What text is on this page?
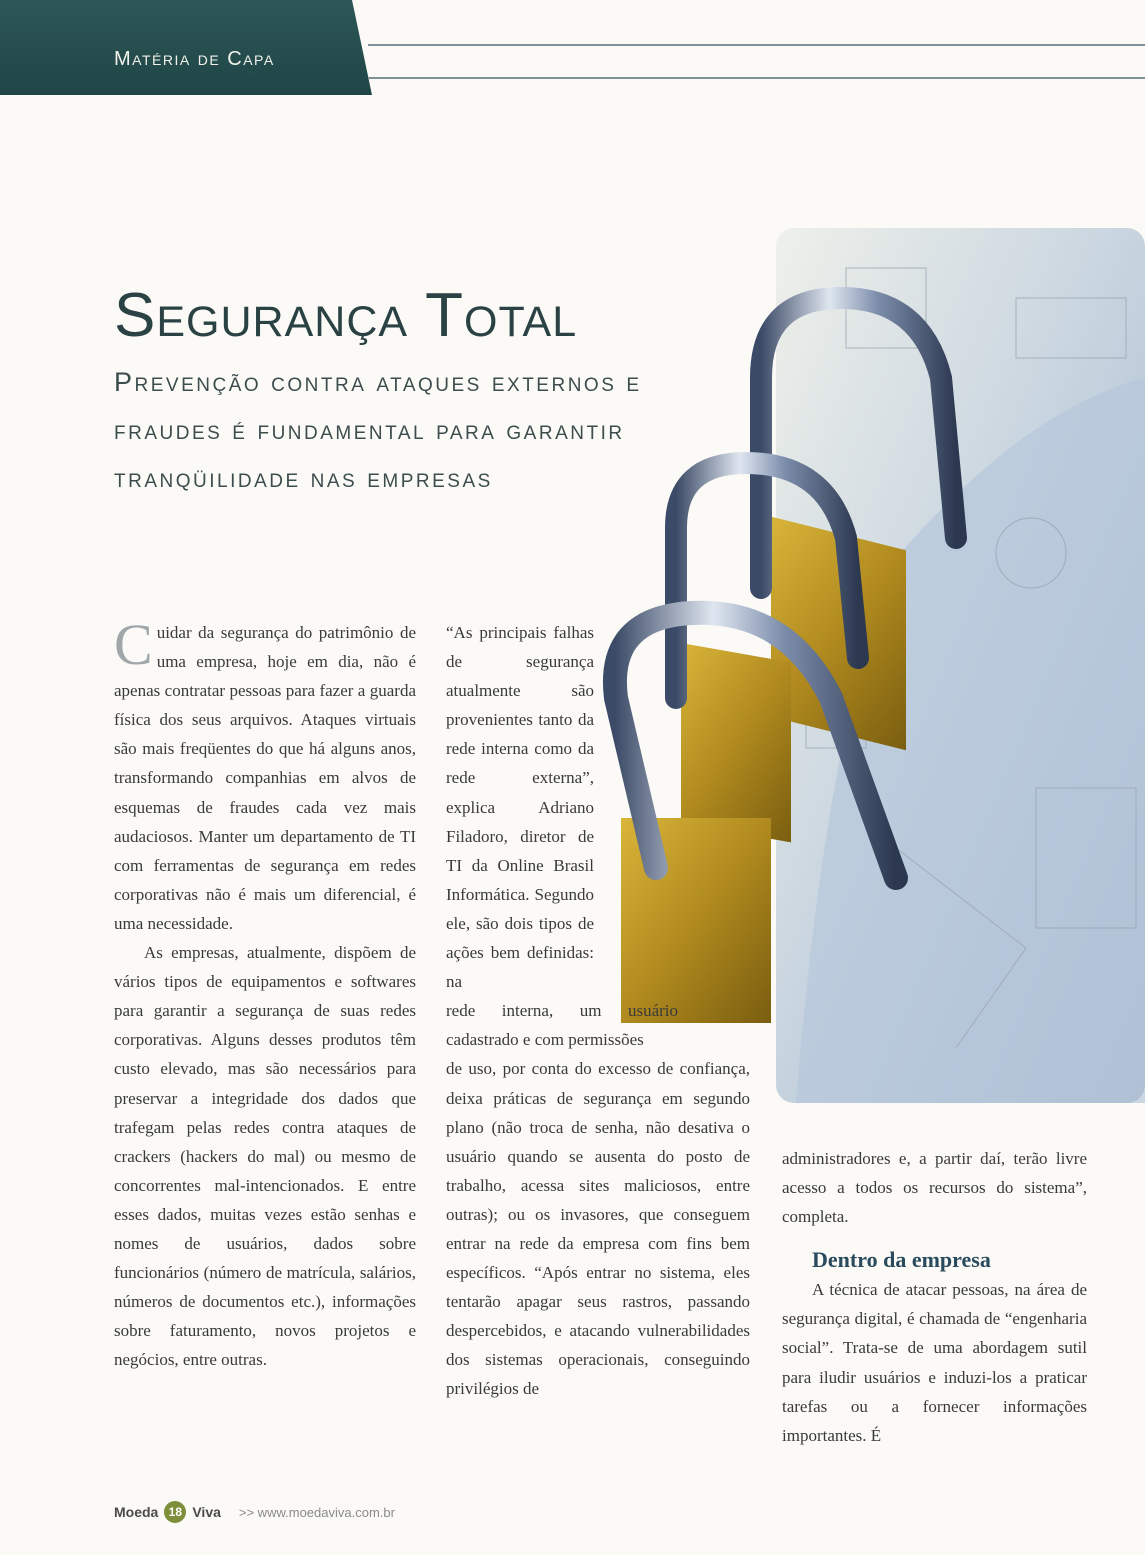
Matéria de Capa
Segurança Total
Prevenção contra ataques externos e fraudes é fundamental para garantir tranqüilidade nas empresas

Cuidar da segurança do patrimônio de uma empresa, hoje em dia, não é apenas contratar pessoas para fazer a guarda física dos seus arquivos. Ataques virtuais são mais freqüentes do que há alguns anos, transformando companhias em alvos de esquemas de fraudes cada vez mais audaciosos. Manter um departamento de TI com ferramentas de segurança em redes corporativas não é mais um diferencial, é uma necessidade.

As empresas, atualmente, dispõem de vários tipos de equipamentos e softwares para garantir a segurança de suas redes corporativas. Alguns desses produtos têm custo elevado, mas são necessários para preservar a integridade dos dados que trafegam pelas redes contra ataques de crackers (hackers do mal) ou mesmo de concorrentes mal-intencionados. E entre esses dados, muitas vezes estão senhas e nomes de usuários, dados sobre funcionários (número de matrícula, salários, números de documentos etc.), informações sobre faturamento, novos projetos e negócios, entre outras.

“As principais falhas de segurança atualmente são provenientes tanto da rede interna como da rede externa”, explica Adriano Filadoro, diretor de TI da Online Brasil Informática. Segundo ele, são dois tipos de ações bem definidas: na
rede interna, um usuário cadastrado e com permissões
de uso, por conta do excesso de confiança, deixa práticas de segurança em segundo plano (não troca de senha, não desativa o usuário quando se ausenta do posto de trabalho, acessa sites maliciosos, entre outras); ou os invasores, que conseguem entrar na rede da empresa com fins bem específicos. “Após entrar no sistema, eles tentarão apagar seus rastros, passando despercebidos, e atacando vulnerabilidades dos sistemas operacionais, conseguindo privilégios de

administradores e, a partir daí, terão livre acesso a todos os recursos do sistema”, completa.

Dentro da empresa

A técnica de atacar pessoas, na área de segurança digital, é chamada de “engenharia social”. Trata-se de uma abordagem sutil para iludir usuários e induzi-los a praticar tarefas ou a fornecer informações importantes. É

Moeda 18 Viva >> www.moedaviva.com.br
